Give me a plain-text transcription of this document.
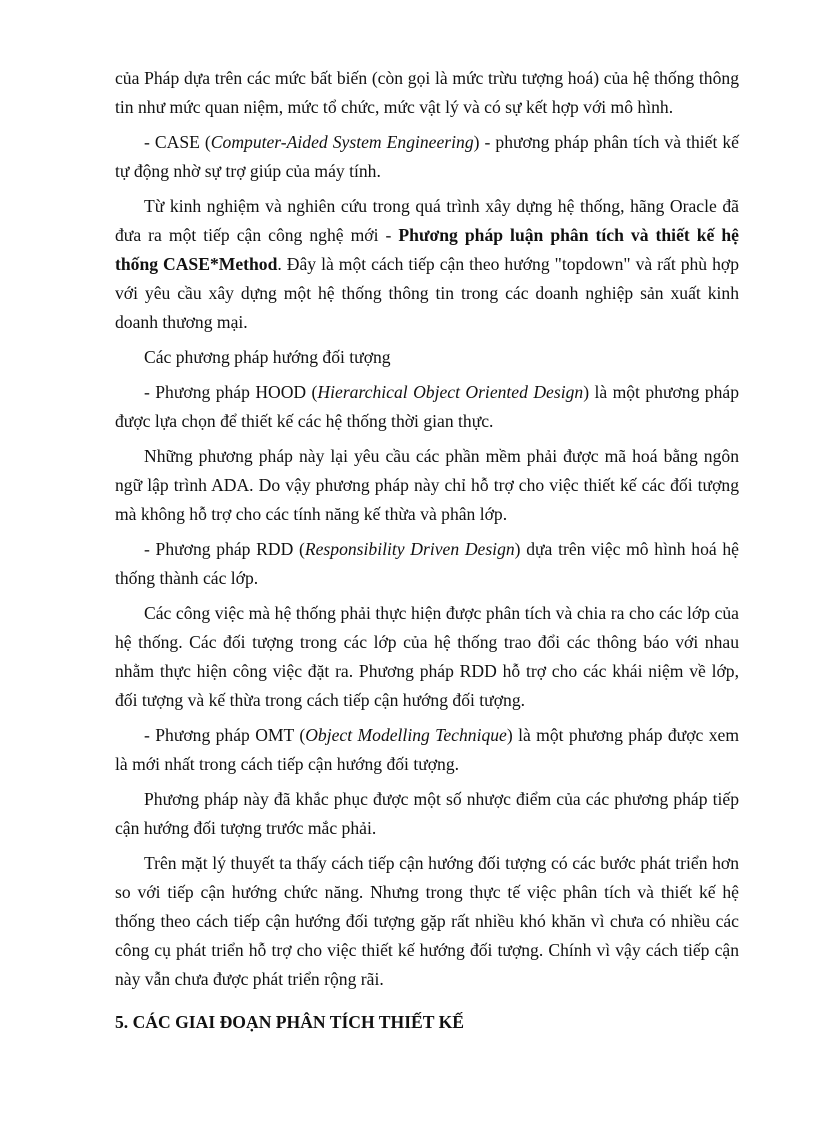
của Pháp dựa trên các mức bất biến (còn gọi là mức trừu tượng hoá) của hệ thống thông tin như mức quan niệm, mức tổ chức, mức vật lý và có sự kết hợp với mô hình.

- CASE (Computer-Aided System Engineering) - phương pháp phân tích và thiết kế tự động nhờ sự trợ giúp của máy tính.

Từ kinh nghiệm và nghiên cứu trong quá trình xây dựng hệ thống, hãng Oracle đã đưa ra một tiếp cận công nghệ mới - Phương pháp luận phân tích và thiết kế hệ thống CASE*Method. Đây là một cách tiếp cận theo hướng "topdown" và rất phù hợp với yêu cầu xây dựng một hệ thống thông tin trong các doanh nghiệp sản xuất kinh doanh thương mại.

Các phương pháp hướng đối tượng

- Phương pháp HOOD (Hierarchical Object Oriented Design) là một phương pháp được lựa chọn để thiết kế các hệ thống thời gian thực.

Những phương pháp này lại yêu cầu các phần mềm phải được mã hoá bằng ngôn ngữ lập trình ADA. Do vậy phương pháp này chỉ hỗ trợ cho việc thiết kế các đối tượng mà không hỗ trợ cho các tính năng kế thừa và phân lớp.

- Phương pháp RDD (Responsibility Driven Design) dựa trên việc mô hình hoá hệ thống thành các lớp.

Các công việc mà hệ thống phải thực hiện được phân tích và chia ra cho các lớp của hệ thống. Các đối tượng trong các lớp của hệ thống trao đổi các thông báo với nhau nhằm thực hiện công việc đặt ra. Phương pháp RDD hỗ trợ cho các khái niệm về lớp, đối tượng và kế thừa trong cách tiếp cận hướng đối tượng.

- Phương pháp OMT (Object Modelling Technique) là một phương pháp được xem là mới nhất trong cách tiếp cận hướng đối tượng.

Phương pháp này đã khắc phục được một số nhược điểm của các phương pháp tiếp cận hướng đối tượng trước mắc phải.

Trên mặt lý thuyết ta thấy cách tiếp cận hướng đối tượng có các bước phát triển hơn so với tiếp cận hướng chức năng. Nhưng trong thực tế việc phân tích và thiết kế hệ thống theo cách tiếp cận hướng đối tượng gặp rất nhiều khó khăn vì chưa có nhiều các công cụ phát triển hỗ trợ cho việc thiết kế hướng đối tượng. Chính vì vậy cách tiếp cận này vẫn chưa được phát triển rộng rãi.

5. CÁC GIAI ĐOẠN PHÂN TÍCH THIẾT KẾ
